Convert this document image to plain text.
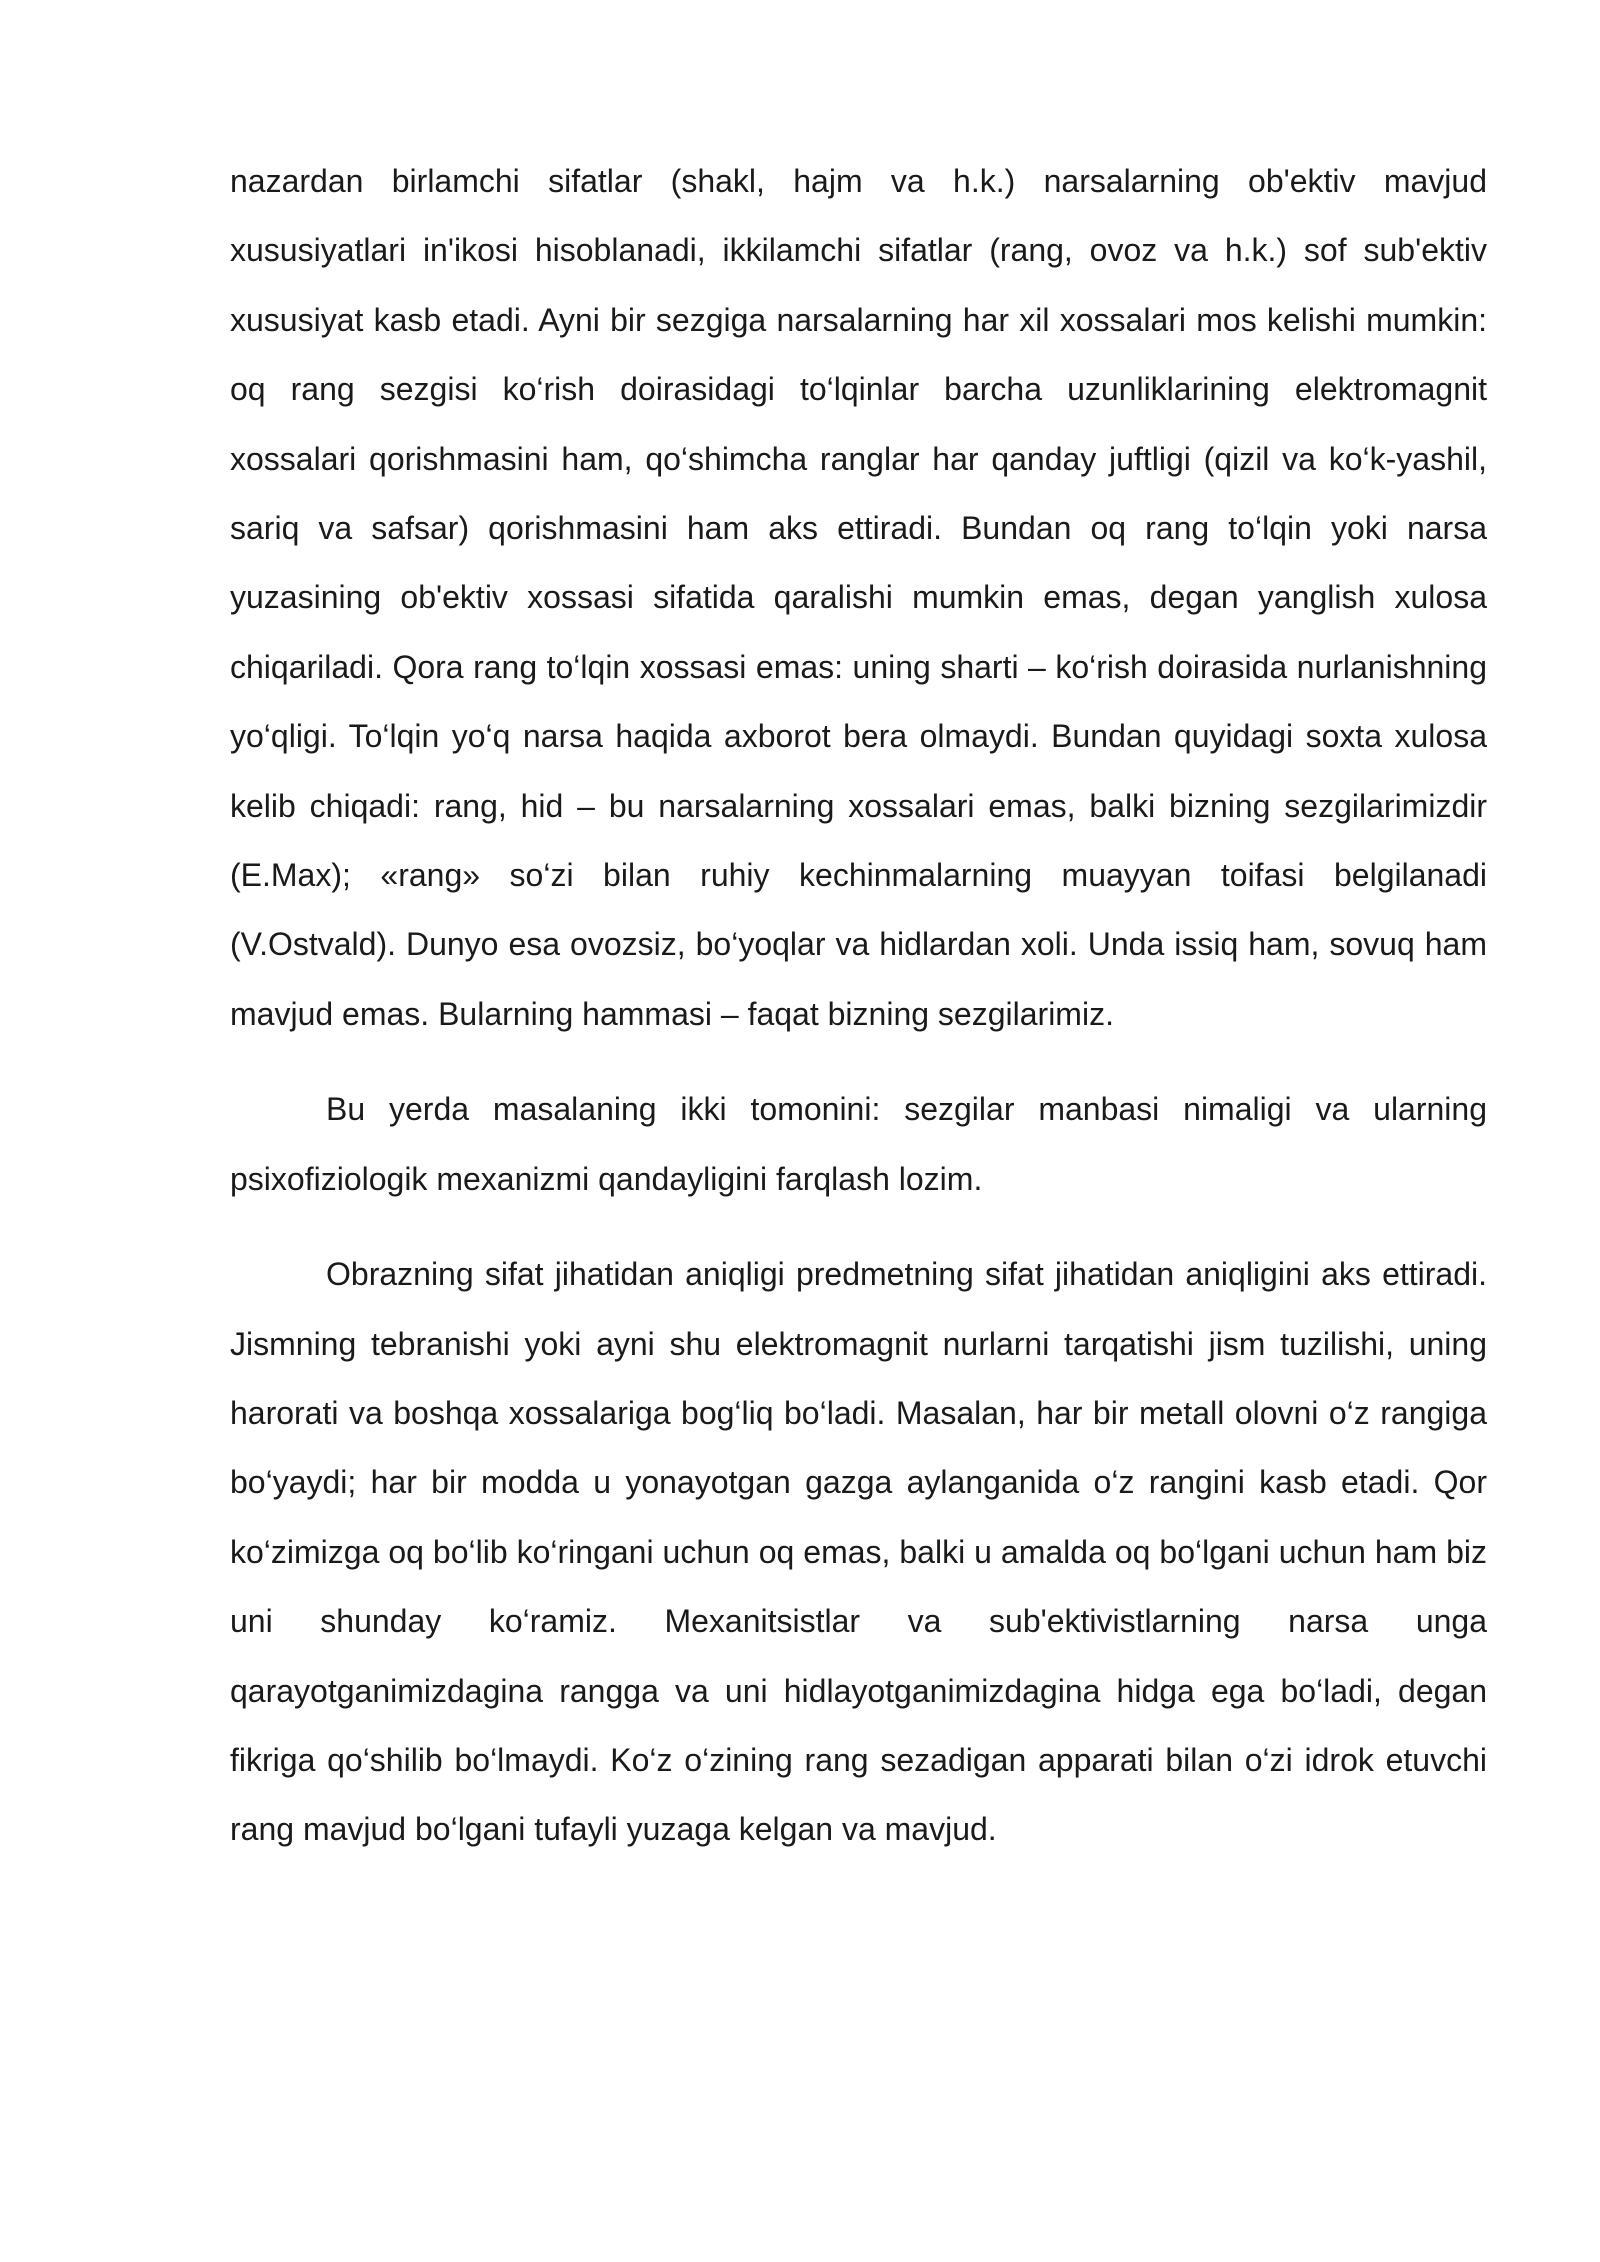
nazardan birlamchi sifatlar (shakl, hajm va h.k.) narsalarning ob'ektiv mavjud xususiyatlari in'ikosi hisoblanadi, ikkilamchi sifatlar (rang, ovoz va h.k.) sof sub'ektiv xususiyat kasb etadi. Ayni bir sezgiga narsalarning har xil xossalari mos kelishi mumkin: oq rang sezgisi ko‘rish doirasidagi to‘lqinlar barcha uzunliklarining elektromagnit xossalari qorishmasini ham, qo‘shimcha ranglar har qanday juftligi (qizil va ko‘k-yashil, sariq va safsar) qorishmasini ham aks ettiradi. Bundan oq rang to‘lqin yoki narsa yuzasining ob'ektiv xossasi sifatida qaralishi mumkin emas, degan yanglish xulosa chiqariladi. Qora rang to‘lqin xossasi emas: uning sharti – ko‘rish doirasida nurlanishning yo‘qligi. To‘lqin yo‘q narsa haqida axborot bera olmaydi. Bundan quyidagi soxta xulosa kelib chiqadi: rang, hid – bu narsalarning xossalari emas, balki bizning sezgilarimizdir (E.Max); «rang» so‘zi bilan ruhiy kechinmalarning muayyan toifasi belgilanadi (V.Ostvald). Dunyo esa ovozsiz, bo‘yoqlar va hidlardan xoli. Unda issiq ham, sovuq ham mavjud emas. Bularning hammasi – faqat bizning sezgilarimiz.

Bu yerda masalaning ikki tomonini: sezgilar manbasi nimaligi va ularning psixofiziologik mexanizmi qandayligini farqlash lozim.

Obrazning sifat jihatidan aniqligi predmetning sifat jihatidan aniqligini aks ettiradi. Jismning tebranishi yoki ayni shu elektromagnit nurlarni tarqatishi jism tuzilishi, uning harorati va boshqa xossalariga bog‘liq bo‘ladi. Masalan, har bir metall olovni o‘z rangiga bo‘yaydi; har bir modda u yonayotgan gazga aylanganida o‘z rangini kasb etadi. Qor ko‘zimizga oq bo‘lib ko‘ringani uchun oq emas, balki u amalda oq bo‘lgani uchun ham biz uni shunday ko‘ramiz. Mexanitsistlar va sub'ektivistlarning narsa unga qarayotganimizdagina rangga va uni hidlayotganimizdagina hidga ega bo‘ladi, degan fikriga qo‘shilib bo‘lmaydi. Ko‘z o‘zining rang sezadigan apparati bilan o‘zi idrok etuvchi rang mavjud bo‘lgani tufayli yuzaga kelgan va mavjud.
